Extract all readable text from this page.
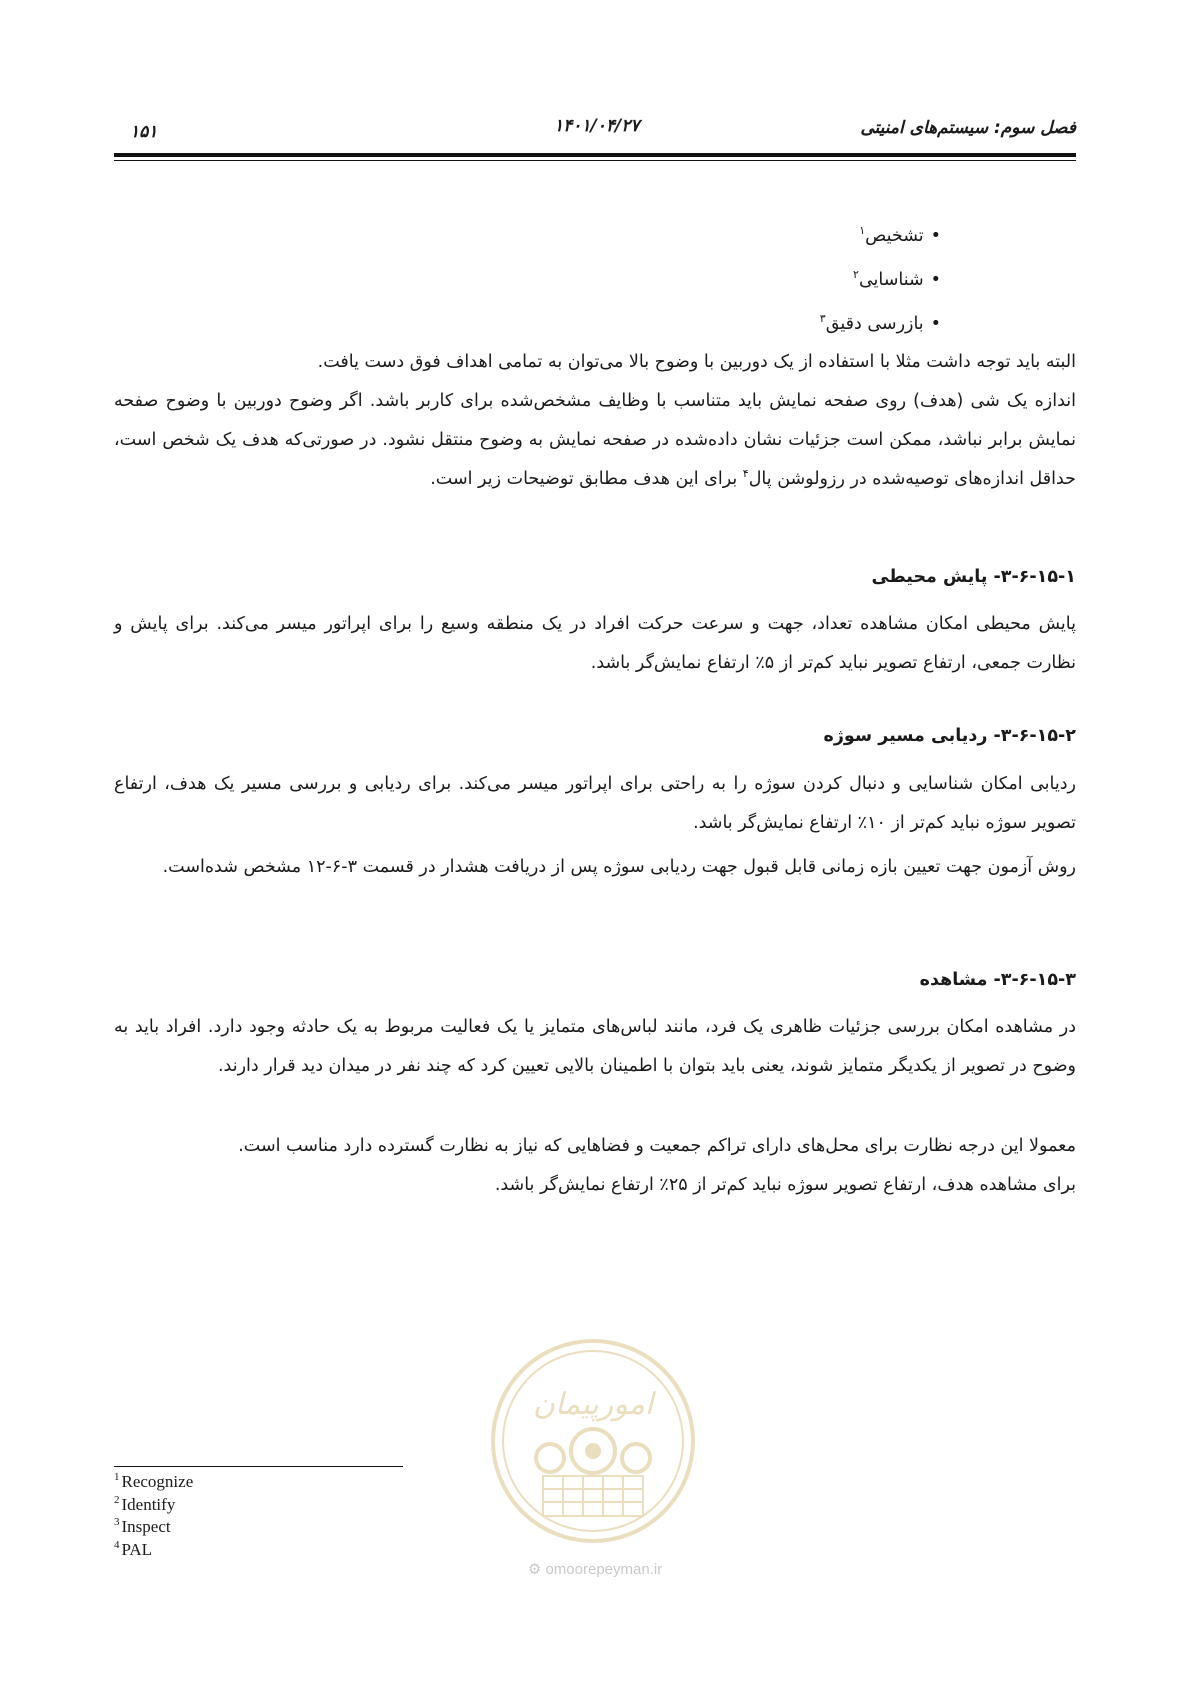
فصل سوم: سیستم‌های امنیتی
۱۴۰۱/۰۴/۲۷
۱۵۱
• تشخیص$^۱$
• شناسایی$^۲$
• بازرسی دقیق$^۳$
البته باید توجه داشت مثلا با استفاده از یک دوربین با وضوح بالا می‌توان به تمامی اهداف فوق دست یافت.
اندازه یک شی (هدف) روی صفحه نمایش باید متناسب با وظایف مشخص‌شده برای کاربر باشد. اگر وضوح دوربین با وضوح صفحه نمایش برابر نباشد، ممکن است جزئیات نشان داده‌شده در صفحه نمایش به وضوح منتقل نشود. در صورتی‌که هدف یک شخص است، حداقل اندازه‌های توصیه‌شده در رزولوشن پال$^۴$ برای این هدف مطابق توضیحات زیر است.
۳-۶-۱۵-۱- پایش محیطی
پایش محیطی امکان مشاهده تعداد، جهت و سرعت حرکت افراد در یک منطقه وسیع را برای اپراتور میسر می‌کند. برای پایش و نظارت جمعی، ارتفاع تصویر نباید کم‌تر از ۵٪ ارتفاع نمایش‌گر باشد.
۳-۶-۱۵-۲- ردیابی مسیر سوژه
ردیابی امکان شناسایی و دنبال کردن سوژه را به راحتی برای اپراتور میسر می‌کند. برای ردیابی و بررسی مسیر یک هدف، ارتفاع تصویر سوژه نباید کم‌تر از ۱۰٪ ارتفاع نمایش‌گر باشد.
روش آزمون جهت تعیین بازه زمانی قابل قبول جهت ردیابی سوژه پس از دریافت هشدار در قسمت ۳-۶-۱۲ مشخص شده‌است.
۳-۶-۱۵-۳- مشاهده
در مشاهده امکان بررسی جزئیات ظاهری یک فرد، مانند لباس‌های متمایز یا یک فعالیت مربوط به یک حادثه وجود دارد. افراد باید به وضوح در تصویر از یکدیگر متمایز شوند، یعنی باید بتوان با اطمینان بالایی تعیین کرد که چند نفر در میدان دید قرار دارند.
معمولا این درجه نظارت برای محل‌های دارای تراکم جمعیت و فضاهایی که نیاز به نظارت گسترده دارد مناسب است.
برای مشاهده هدف، ارتفاع تصویر سوژه نباید کم‌تر از ۲۵٪ ارتفاع نمایش‌گر باشد.
امورپیمان
⚙ omoorepeyman.ir
$^1$ Recognize
$^2$ Identify
$^3$ Inspect
$^4$ PAL
